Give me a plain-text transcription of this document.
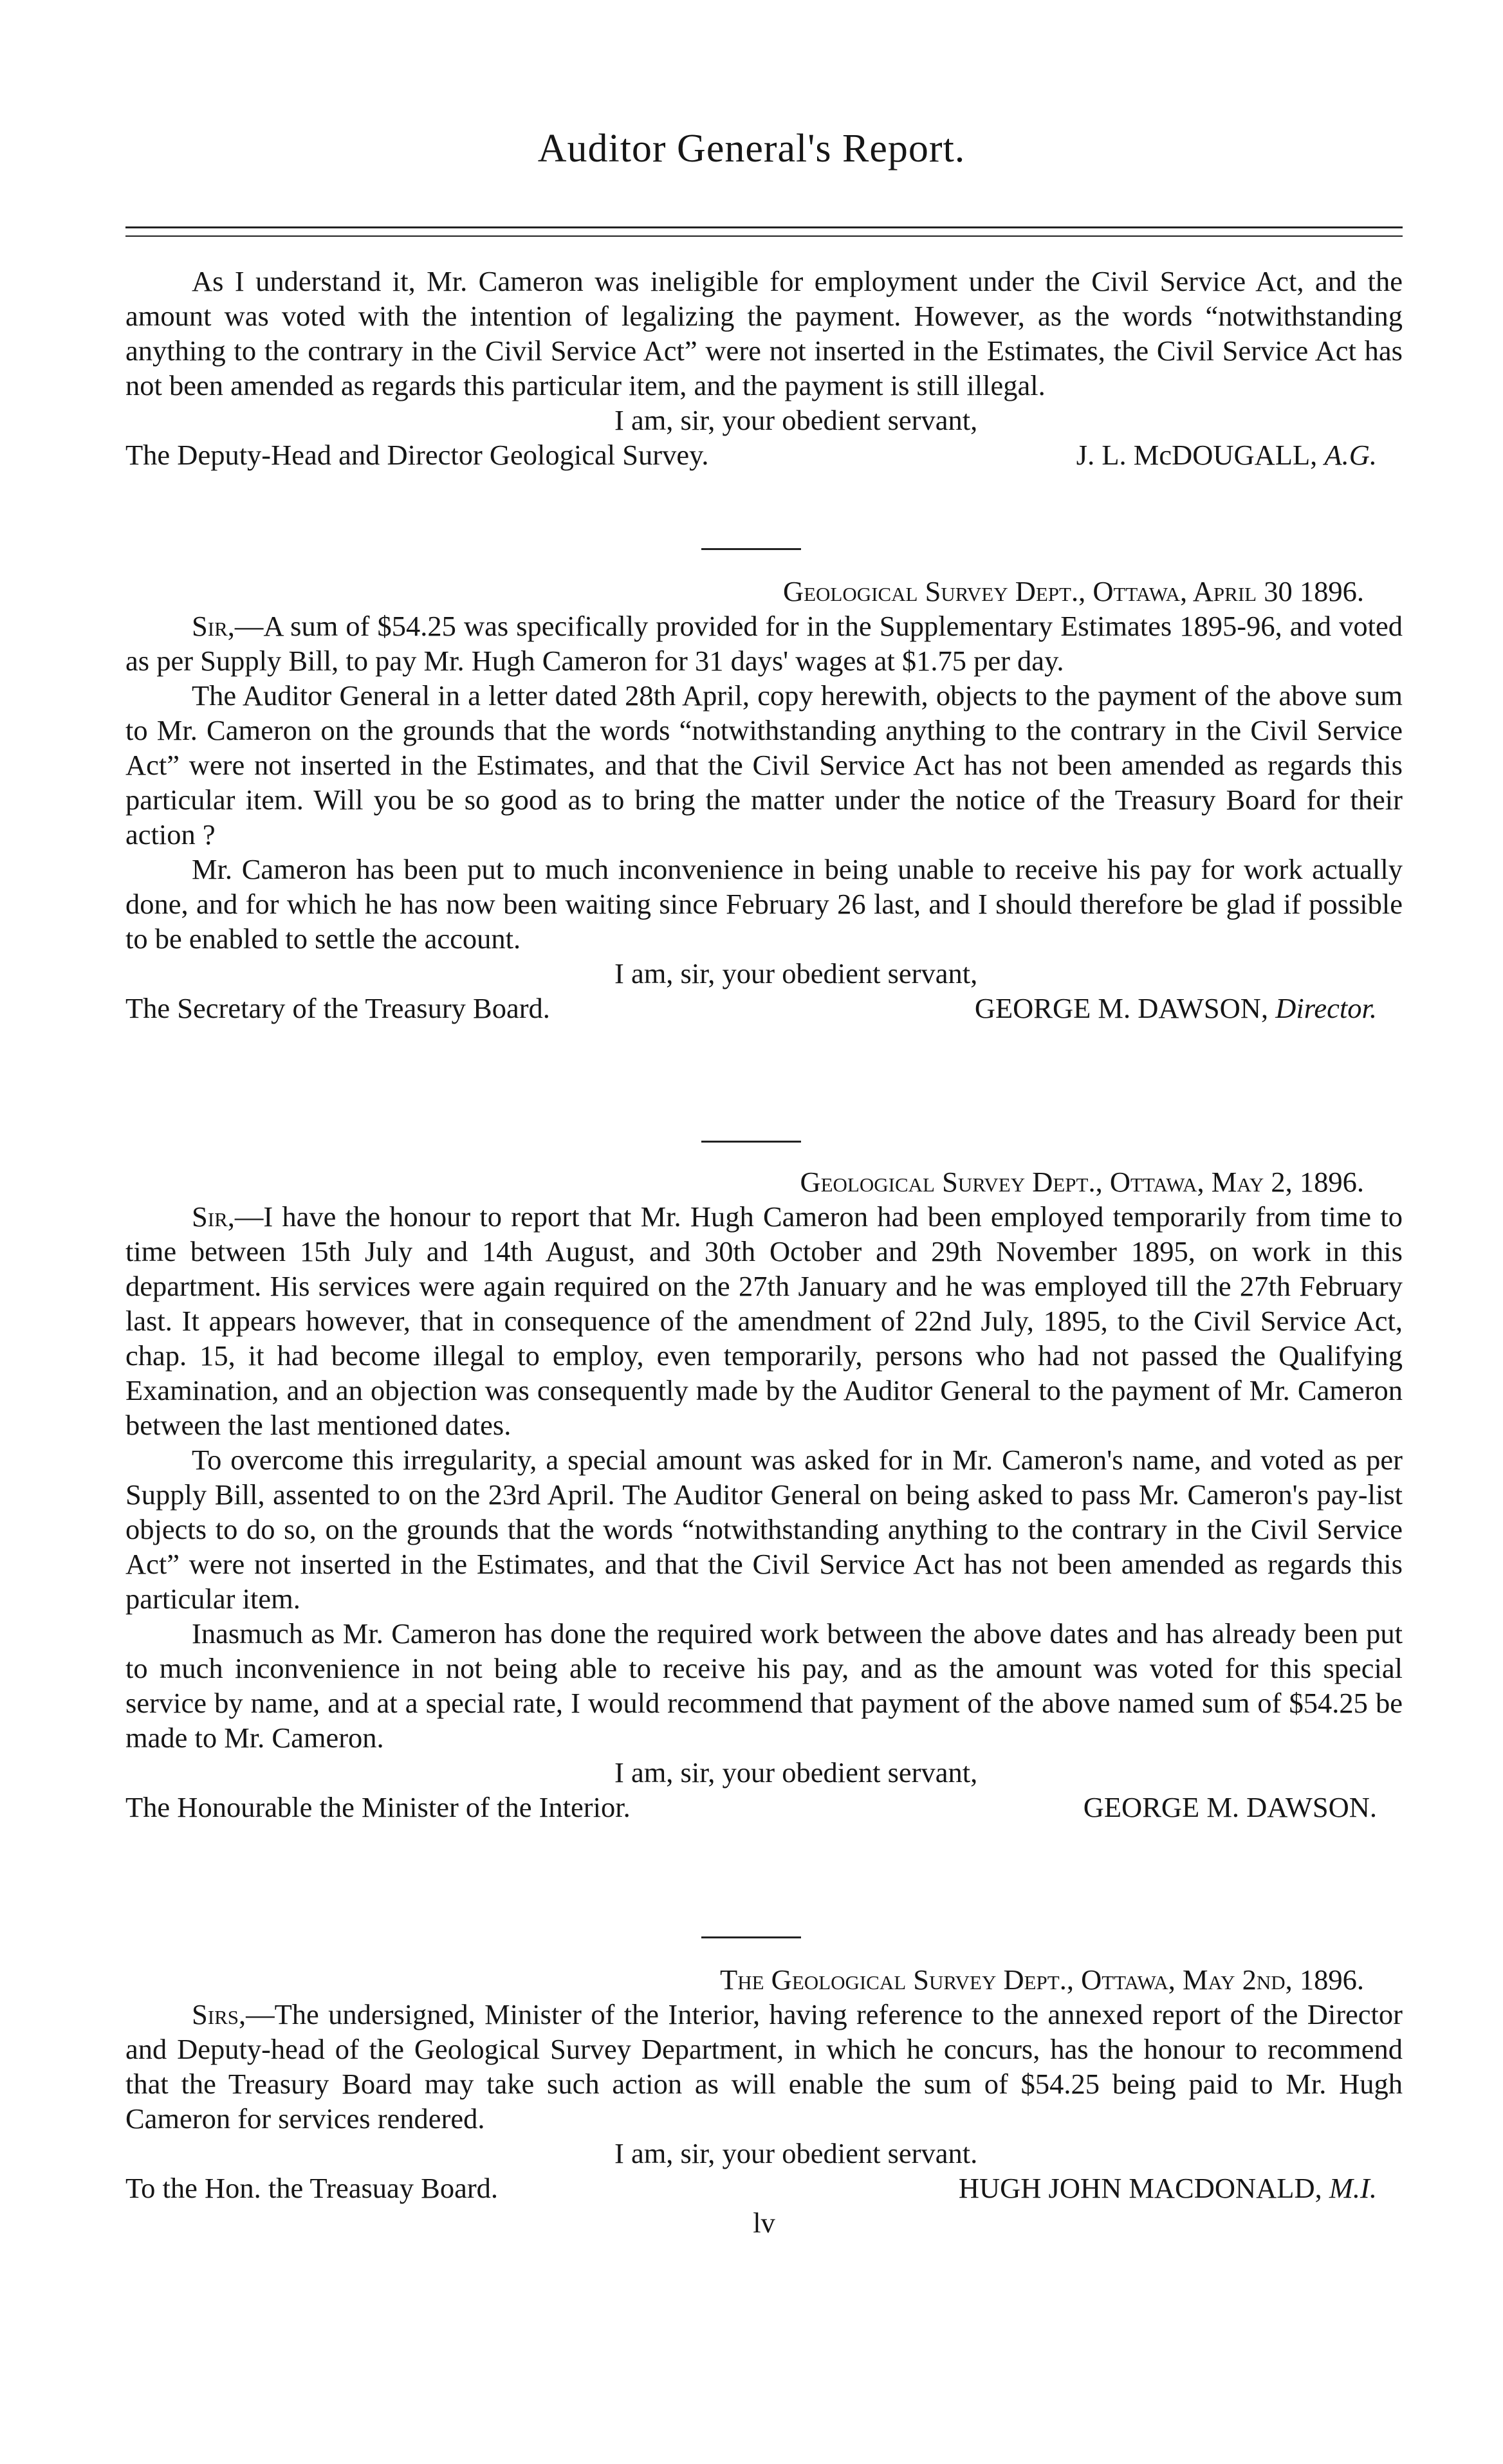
Auditor General's Report.

As I understand it, Mr. Cameron was ineligible for employment under the Civil Service Act, and the amount was voted with the intention of legalizing the payment. However, as the words “notwithstanding anything to the contrary in the Civil Service Act” were not inserted in the Estimates, the Civil Service Act has not been amended as regards this particular item, and the payment is still illegal.

I am, sir, your obedient servant,

The Deputy-Head and Director Geological Survey.	J. L. McDOUGALL, A.G.
Geological Survey Dept., Ottawa, April 30 1896.

Sir,—A sum of $54.25 was specifically provided for in the Supplementary Estimates 1895-96, and voted as per Supply Bill, to pay Mr. Hugh Cameron for 31 days' wages at $1.75 per day.

The Auditor General in a letter dated 28th April, copy herewith, objects to the payment of the above sum to Mr. Cameron on the grounds that the words “notwithstanding anything to the contrary in the Civil Service Act” were not inserted in the Estimates, and that the Civil Service Act has not been amended as regards this particular item. Will you be so good as to bring the matter under the notice of the Treasury Board for their action ?

Mr. Cameron has been put to much inconvenience in being unable to receive his pay for work actually done, and for which he has now been waiting since February 26 last, and I should therefore be glad if possible to be enabled to settle the account.

I am, sir, your obedient servant,

The Secretary of the Treasury Board.	GEORGE M. DAWSON, Director.
Geological Survey Dept., Ottawa, May 2, 1896.

Sir,—I have the honour to report that Mr. Hugh Cameron had been employed temporarily from time to time between 15th July and 14th August, and 30th October and 29th November 1895, on work in this department. His services were again required on the 27th January and he was employed till the 27th February last. It appears however, that in consequence of the amendment of 22nd July, 1895, to the Civil Service Act, chap. 15, it had become illegal to employ, even temporarily, persons who had not passed the Qualifying Examination, and an objection was consequently made by the Auditor General to the payment of Mr. Cameron between the last mentioned dates.

To overcome this irregularity, a special amount was asked for in Mr. Cameron's name, and voted as per Supply Bill, assented to on the 23rd April. The Auditor General on being asked to pass Mr. Cameron's pay-list objects to do so, on the grounds that the words “notwithstanding anything to the contrary in the Civil Service Act” were not inserted in the Estimates, and that the Civil Service Act has not been amended as regards this particular item.

Inasmuch as Mr. Cameron has done the required work between the above dates and has already been put to much inconvenience in not being able to receive his pay, and as the amount was voted for this special service by name, and at a special rate, I would recommend that payment of the above named sum of $54.25 be made to Mr. Cameron.

I am, sir, your obedient servant,

The Honourable the Minister of the Interior.	GEORGE M. DAWSON.
The Geological Survey Dept., Ottawa, May 2nd, 1896.

Sirs,—The undersigned, Minister of the Interior, having reference to the annexed report of the Director and Deputy-head of the Geological Survey Department, in which he concurs, has the honour to recommend that the Treasury Board may take such action as will enable the sum of $54.25 being paid to Mr. Hugh Cameron for services rendered.

I am, sir, your obedient servant.

To the Hon. the Treasuay Board.	HUGH JOHN MACDONALD, M.I.
lv
